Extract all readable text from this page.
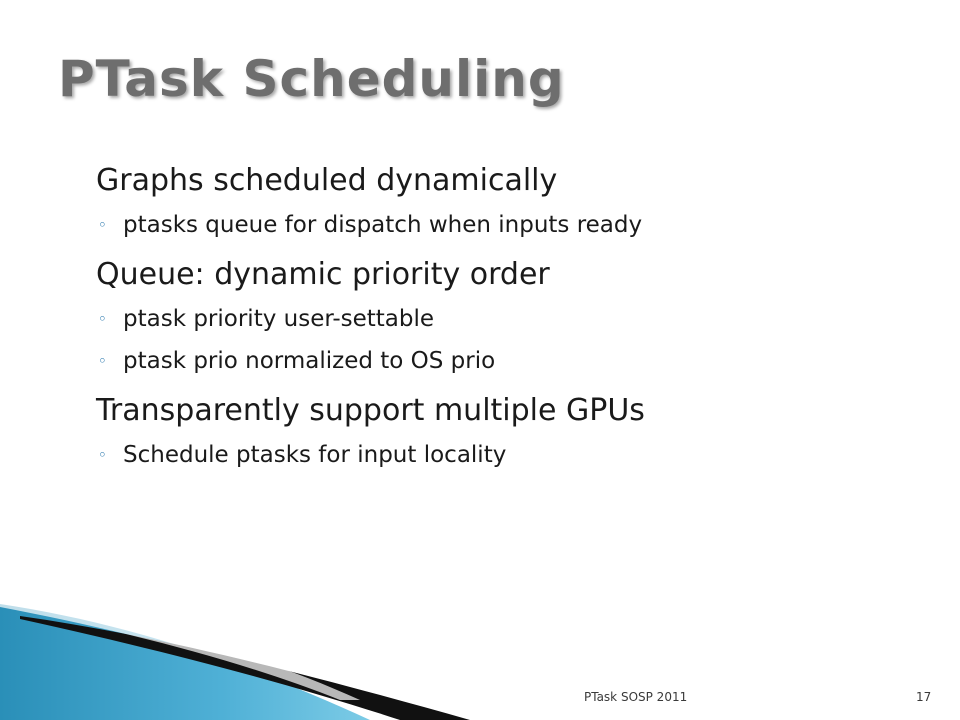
PTask Scheduling
Graphs scheduled dynamically
◦ ptasks queue for dispatch when inputs ready
Queue: dynamic priority order
◦ ptask priority user-settable
◦ ptask prio normalized to OS prio
Transparently support multiple GPUs
◦ Schedule ptasks for input locality
PTask SOSP 2011	17
